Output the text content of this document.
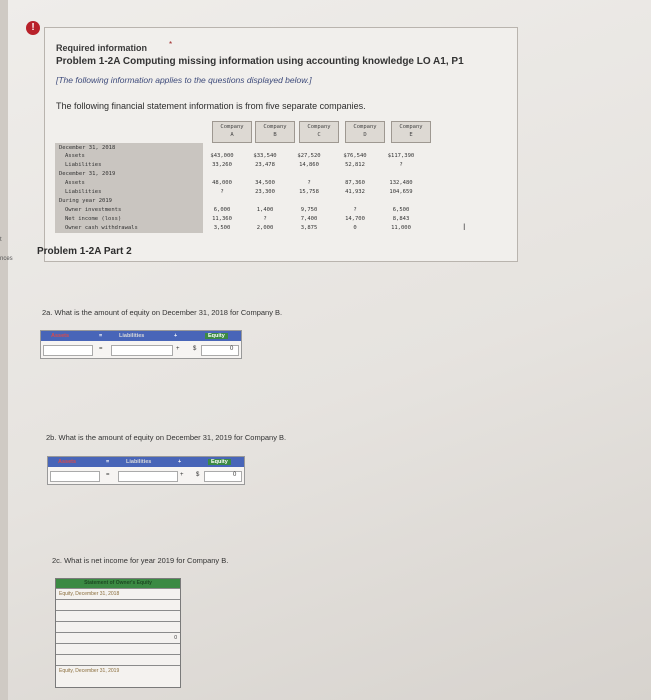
t
nces
!
Required information	*
Problem 1-2A Computing missing information using accounting knowledge LO A1, P1
[The following information applies to the questions displayed below.]
The following financial statement information is from five separate companies.
Company
A
Company
B
Company
C
Company
D
Company
E
December 31, 2018
Assets	$43,000	$33,540	$27,520	$76,540	$117,390
Liabilities	33,260	23,478	14,860	52,812	?
December 31, 2019
Assets	48,000	34,500	?	87,360	132,480
Liabilities	?	23,300	15,758	41,932	104,659
During year 2019
Owner investments	6,000	1,400	9,750	?	6,500
Net income (loss)	11,360	?	7,400	14,700	8,843
Owner cash withdrawals	3,500	2,000	3,875	0	11,000	I
Problem 1-2A Part 2
2a. What is the amount of equity on December 31, 2018 for Company B.
Assets	=	Liabilities	+	Equity
=	+ $	0
2b. What is the amount of equity on December 31, 2019 for Company B.
Assets	=	Liabilities	+	Equity
=	+ $	0
2c. What is net income for year 2019 for Company B.
Statement of Owner's Equity
Equity, December 31, 2018
0
Equity, December 31, 2019
